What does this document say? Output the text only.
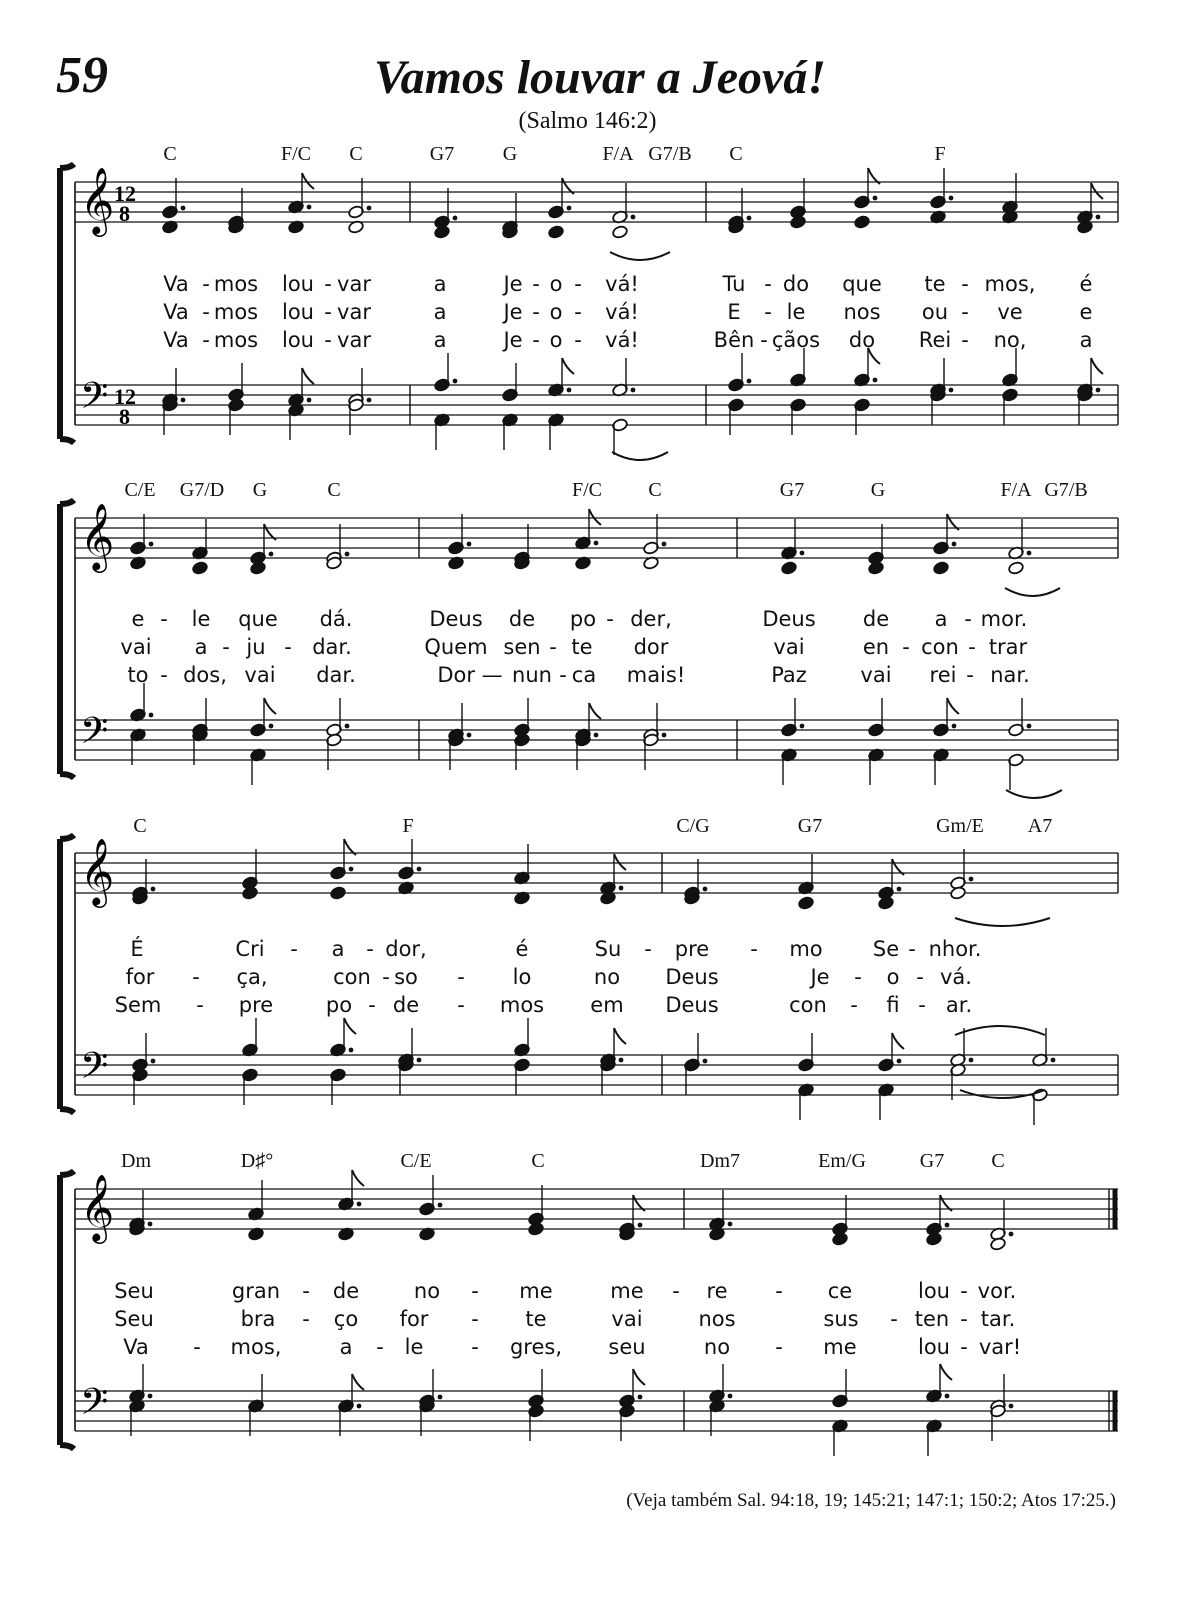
59	Vamos louvar a Jeová!
(Salmo 146:2)
𝄞
𝄢
12
8
12
8
𝄞
𝄢
𝄞
𝄢
𝄞
𝄢
C	F/C C	G7 G	F/A G7/B C	F
Va - mos lou - var	a	Je - o - vá!	Tu - do que te - mos, é
Va - mos lou - var	a	Je - o - vá!	E - le nos ou - ve	e
Va - mos lou - var	a	Je - o - vá!	Bên - çãos do Rei - no,	a
C/E G7/D G	C	F/C C	G7	G	F/A G7/B
e - le que dá.	Deus de po - der,	Deus de a - mor.
vai a - ju - dar.	Quem sen - te dor	vai	en - con - trar
to - dos, vai dar.	Dor — nun - ca mais!	Paz	vai rei - nar.
C	F	C/G	G7	Gm/E A7
É	Cri - a - dor,	é	Su - pre - mo Se - nhor.
for - ça,	con - so - lo	no Deus	Je - o - vá.
Sem - pre	po - de - mos em Deus	con - fi - ar.
Dm	D♯°	C/E	C	Dm7	Em/G	G7 C
Seu	gran - de	no - me	me - re - ce	lou - vor.
Seu	bra - ço for - te	vai	nos	sus - ten - tar.
Va - mos,	a - le - gres, seu	no - me	lou - var!
(Veja também Sal. 94:18, 19; 145:21; 147:1; 150:2; Atos 17:25.)
